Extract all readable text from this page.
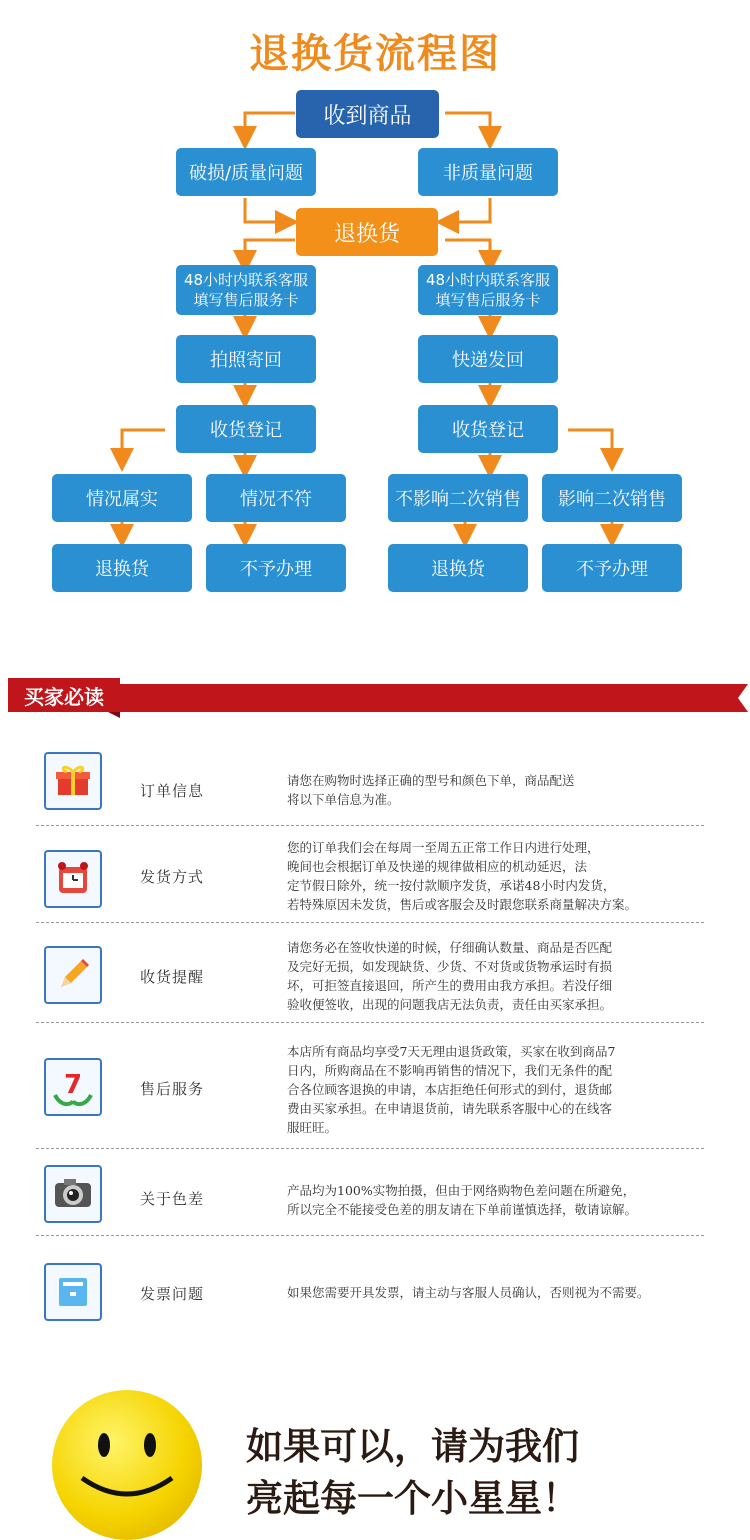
退换货流程图
收到商品
破损/质量问题	非质量问题
退换货
48小时内联系客服
填写售后服务卡
48小时内联系客服
填写售后服务卡
拍照寄回	快递发回
收货登记	收货登记
情况属实	情况不符	不影响二次销售	影响二次销售
退换货	不予办理	退换货	不予办理
买家必读
订单信息
请您在购物时选择正确的型号和颜色下单，商品配送
将以下单信息为准。
发货方式
您的订单我们会在每周一至周五正常工作日内进行处理，
晚间也会根据订单及快递的规律做相应的机动延迟，法
定节假日除外，统一按付款顺序发货，承诺48小时内发货，
若特殊原因未发货，售后或客服会及时跟您联系商量解决方案。
收货提醒
请您务必在签收快递的时候，仔细确认数量、商品是否匹配
及完好无损，如发现缺货、少货、不对货或货物承运时有损
坏，可拒签直接退回，所产生的费用由我方承担。若没仔细
验收便签收，出现的问题我店无法负责，责任由买家承担。
7	售后服务
本店所有商品均享受7天无理由退货政策，买家在收到商品7
日内，所购商品在不影响再销售的情况下，我们无条件的配
合各位顾客退换的申请，本店拒绝任何形式的到付，退货邮
费由买家承担。在申请退货前，请先联系客服中心的在线客
服旺旺。
关于色差	产品均为100%实物拍摄，但由于网络购物色差问题在所避免，
所以完全不能接受色差的朋友请在下单前谨慎选择，敬请谅解。
发票问题	如果您需要开具发票，请主动与客服人员确认，否则视为不需要。
如果可以，请为我们
亮起每一个小星星！
